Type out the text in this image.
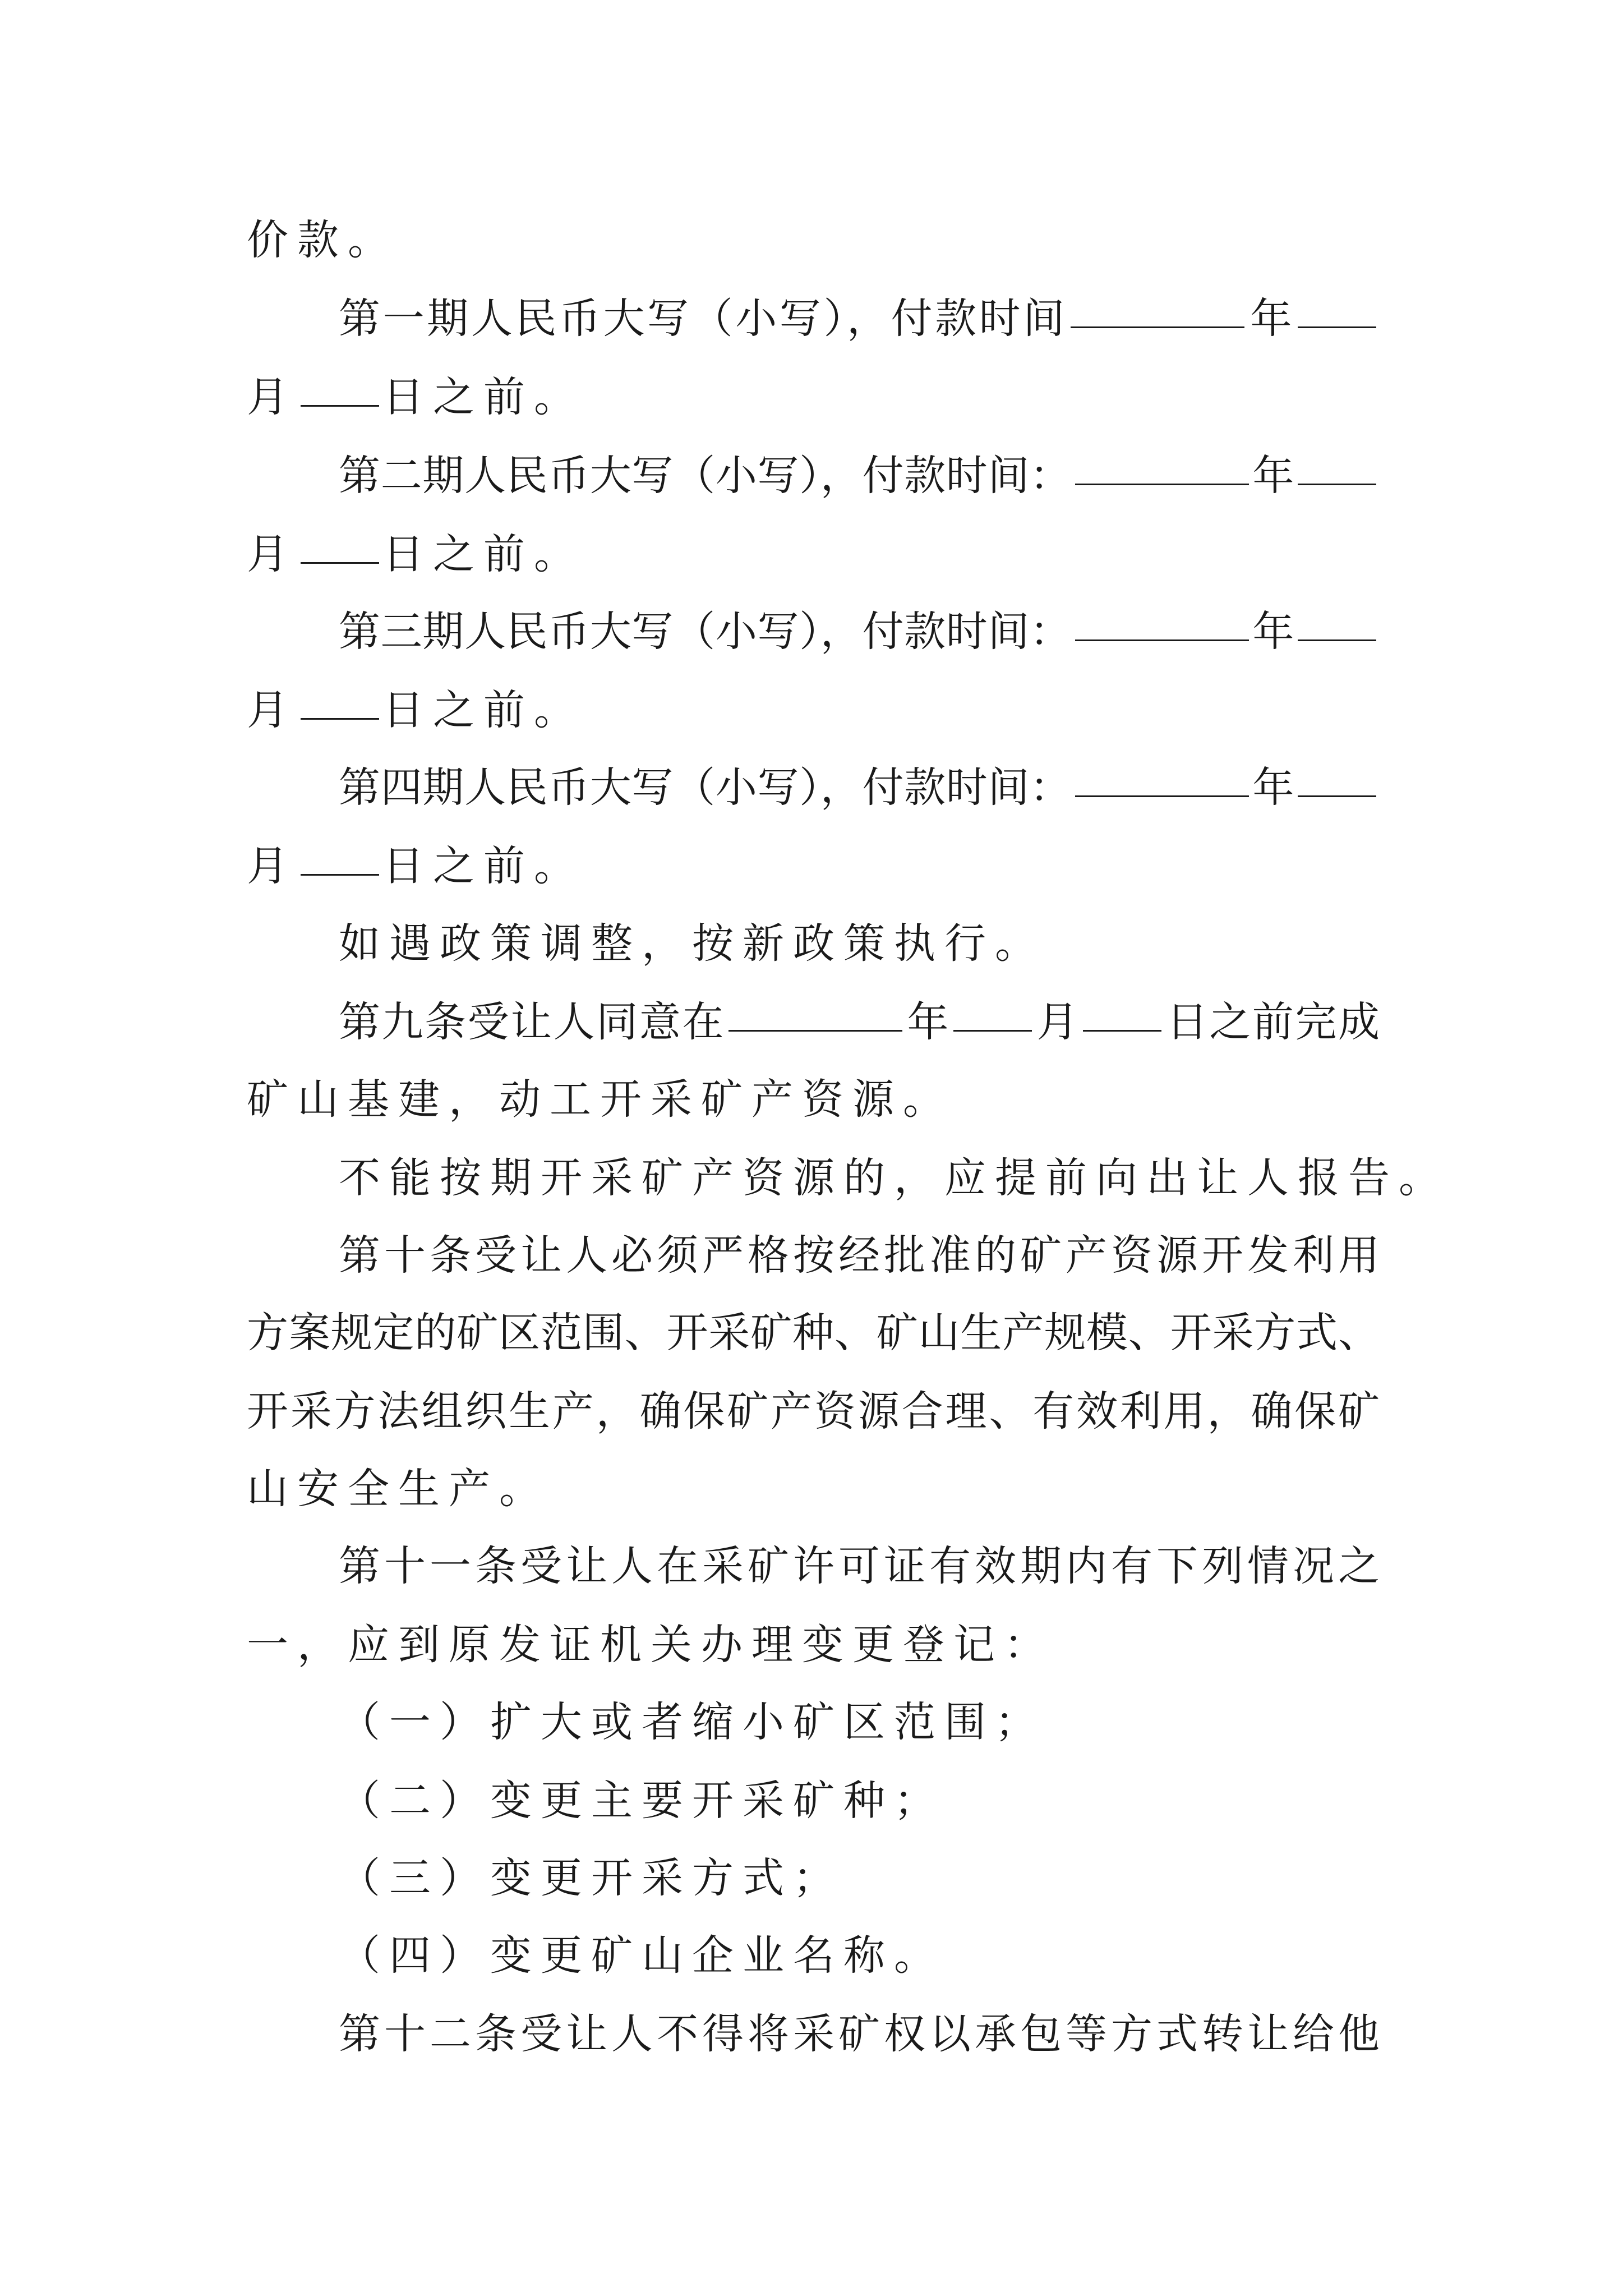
价款。
第一期人民币大写（小写），付款时间	年
月 日之前。
第二期人民币大写（小写），付款时间：	年
月 日之前。
第三期人民币大写（小写），付款时间：	年
月 日之前。
第四期人民币大写（小写），付款时间：	年
月 日之前。
如遇政策调整，按新政策执行。
第九条受让人同意在	年 月 日之前完成
矿山基建，动工开采矿产资源。
不能按期开采矿产资源的，应提前向出让人报告。
第十条受让人必须严格按经批准的矿产资源开发利用
方案规定的矿区范围、开采矿种、矿山生产规模、开采方式、
开采方法组织生产，确保矿产资源合理、有效利用，确保矿
山安全生产。
第十一条受让人在采矿许可证有效期内有下列情况之
一，应到原发证机关办理变更登记：
（一）扩大或者缩小矿区范围；
（二）变更主要开采矿种；
（三）变更开采方式；
（四）变更矿山企业名称。
第十二条受让人不得将采矿权以承包等方式转让给他
